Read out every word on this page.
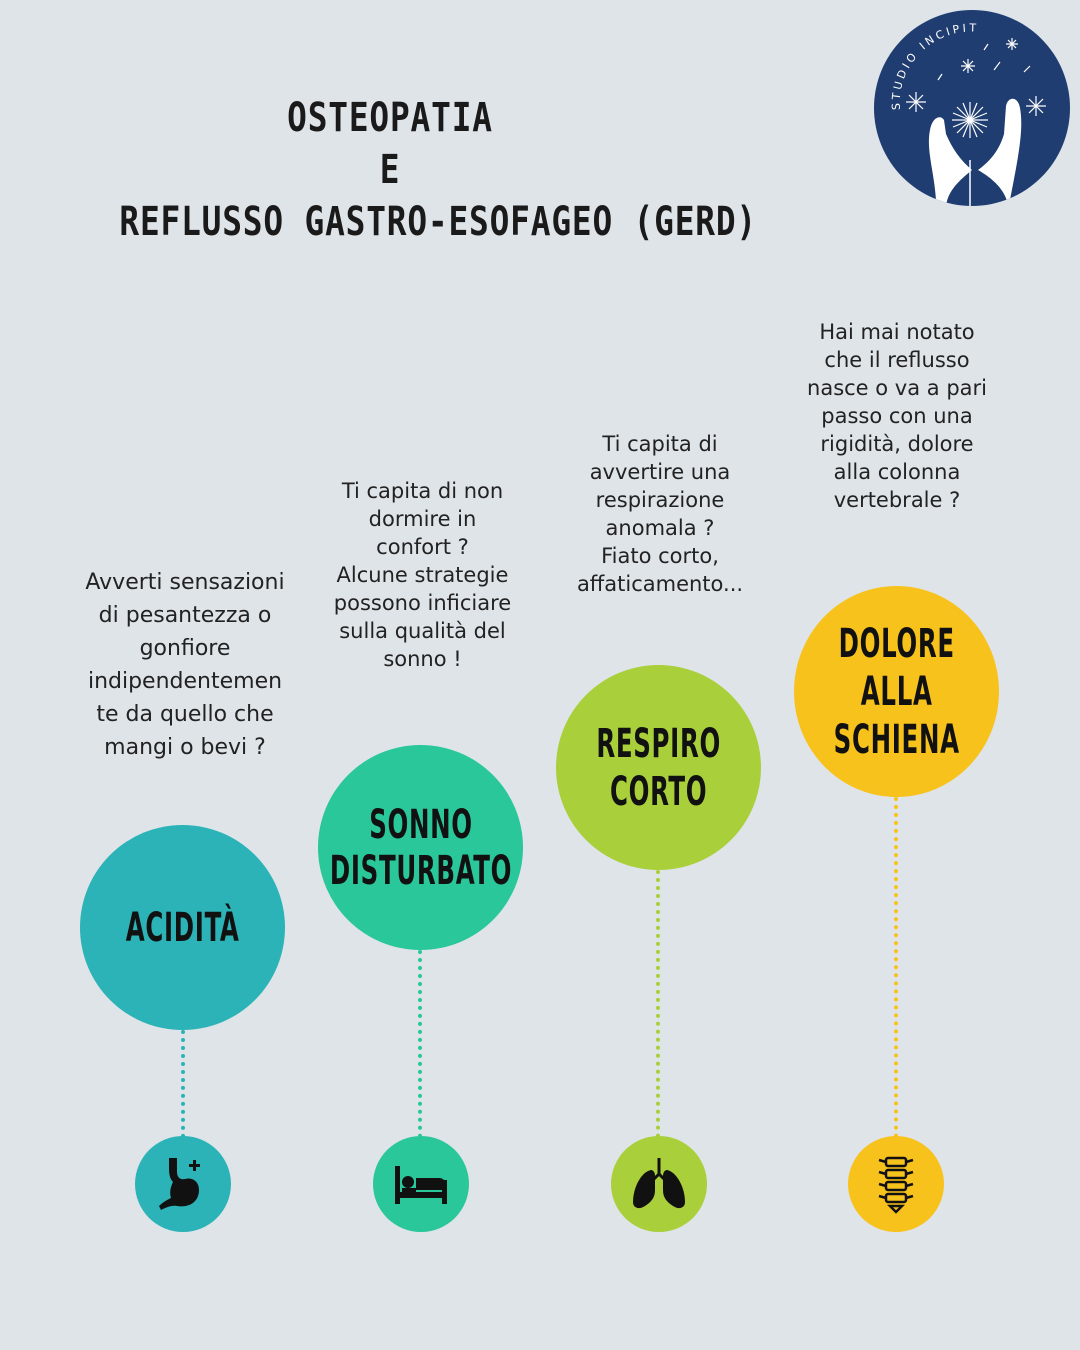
OSTEOPATIA
E
REFLUSSO GASTRO-ESOFAGEO (GERD)
STUDIO INCIPIT

Avverti sensazioni
di pesantezza o
gonfiore
indipendentemen
te da quello che
mangi o bevi ?

ACIDITÀ

Ti capita di non
dormire in
confort ?
Alcune strategie
possono inficiare
sulla qualità del
sonno !

SONNO
DISTURBATO

Ti capita di
avvertire una
respirazione
anomala ?
Fiato corto,
affaticamento...

RESPIRO
CORTO

Hai mai notato
che il reflusso
nasce o va a pari
passo con una
rigidità, dolore
alla colonna
vertebrale ?

DOLORE
ALLA
SCHIENA
